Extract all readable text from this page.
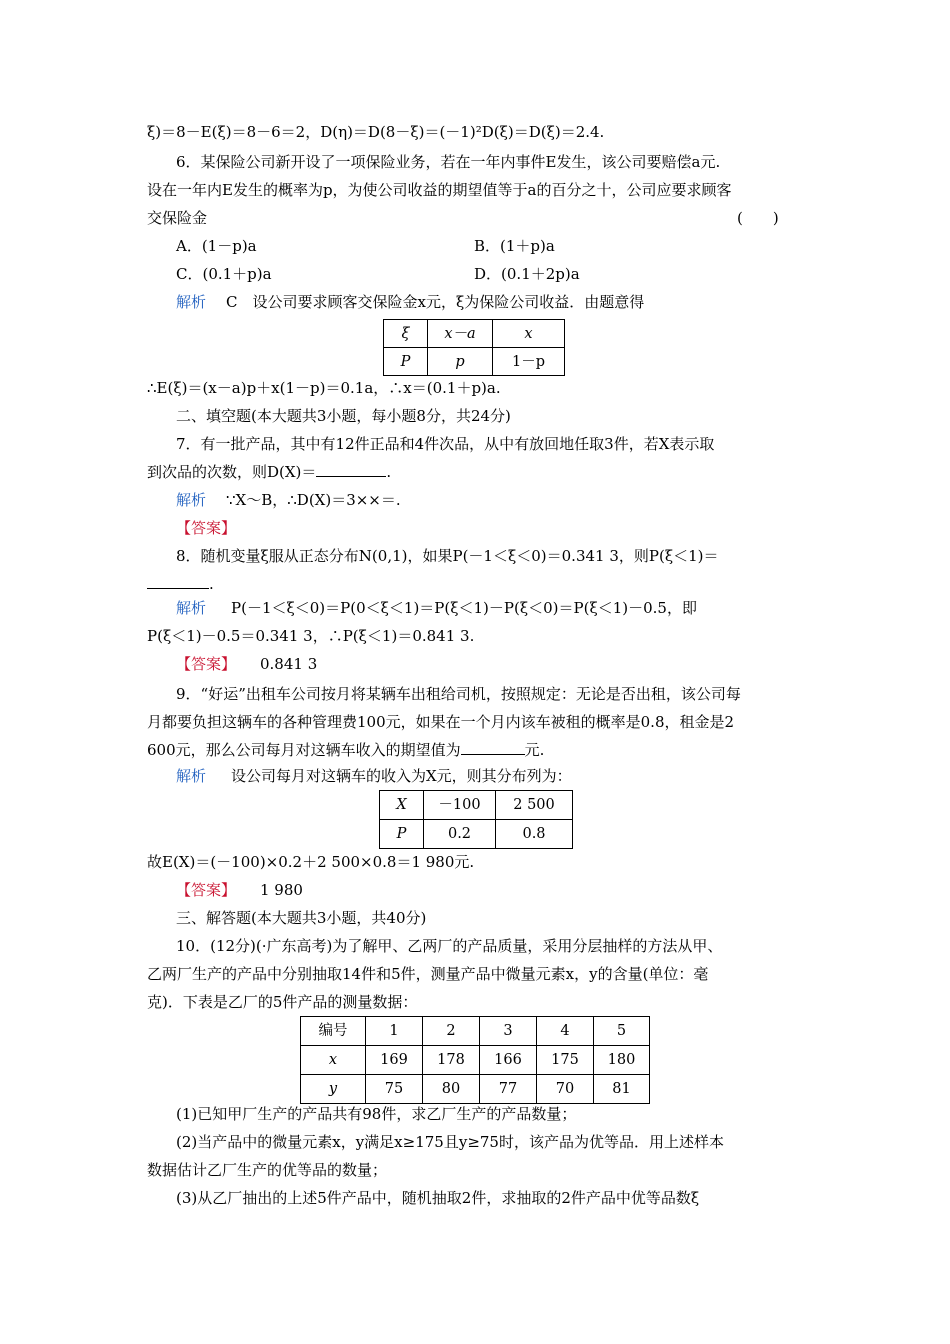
ξ)＝8－E(ξ)＝8－6＝2，D(η)＝D(8－ξ)＝(－1)²D(ξ)＝D(ξ)＝2.4.
6．某保险公司新开设了一项保险业务，若在一年内事件E发生，该公司要赔偿a元.
设在一年内E发生的概率为p，为使公司收益的期望值等于a的百分之十，公司应要求顾客
交保险金	(　　)
A．(1－p)a	B．(1＋p)a
C．(0.1＋p)a	D．(0.1＋2p)a
解析 C　设公司要求顾客交保险金x元，ξ为保险公司收益．由题意得
ξ	x－a	x
P	p	1－p
∴E(ξ)＝(x－a)p＋x(1－p)＝0.1a，∴x＝(0.1＋p)a.
二、填空题(本大题共3小题，每小题8分，共24分)
7．有一批产品，其中有12件正品和4件次品，从中有放回地任取3件，若X表示取
到次品的次数，则D(X)＝	.
解析 ∵X～B，∴D(X)＝3××＝.
【答案】
8．随机变量ξ服从正态分布N(0,1)，如果P(－1＜ξ＜0)＝0.341 3，则P(ξ＜1)＝
.
解析 P(－1＜ξ＜0)＝P(0＜ξ＜1)＝P(ξ＜1)－P(ξ＜0)＝P(ξ＜1)－0.5，即
P(ξ＜1)－0.5＝0.341 3，∴P(ξ＜1)＝0.841 3.
【答案】 0.841 3
9．“好运”出租车公司按月将某辆车出租给司机，按照规定：无论是否出租，该公司每
月都要负担这辆车的各种管理费100元，如果在一个月内该车被租的概率是0.8，租金是2
600元，那么公司每月对这辆车收入的期望值为	元.
解析 设公司每月对这辆车的收入为X元，则其分布列为：
X	－100	2 500
P	0.2	0.8
故E(X)＝(－100)×0.2＋2 500×0.8＝1 980元.
【答案】 1 980
三、解答题(本大题共3小题，共40分)
10．(12分)(·广东高考)为了解甲、乙两厂的产品质量，采用分层抽样的方法从甲、
乙两厂生产的产品中分别抽取14件和5件，测量产品中微量元素x，y的含量(单位：毫
克)．下表是乙厂的5件产品的测量数据：
编号	1	2	3	4	5
x	169	178	166	175	180
y	75	80	77	70	81
(1)已知甲厂生产的产品共有98件，求乙厂生产的产品数量；
(2)当产品中的微量元素x，y满足x≥175且y≥75时，该产品为优等品．用上述样本
数据估计乙厂生产的优等品的数量；
(3)从乙厂抽出的上述5件产品中，随机抽取2件，求抽取的2件产品中优等品数ξ
